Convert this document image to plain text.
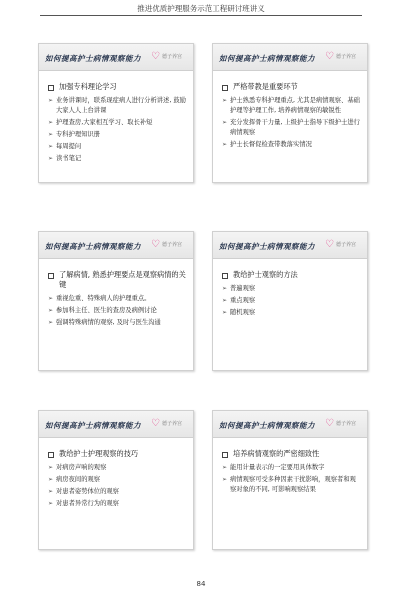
推进优质护理服务示范工程研讨班讲义
如何提高护士病情观察能力 ♡ 德子养宫
加强专科理论学习
➢ 业务讲课时，联系现症病人进行分析讲述, 鼓励大家人人上台讲课
➢ 护理查房,大家相互学习、取长补短
➢ 专科护理知识册
➢ 每周提问
➢ 读书笔记
如何提高护士病情观察能力 ♡ 德子养宫
严格带教是重要环节
➢ 护士熟悉专科护理重点, 尤其是病情观察、基础护理等护理工作, 培养病情观察的敏锐性
➢ 充分发挥骨干力量, 上级护士指导下级护士进行病情观察
➢ 护士长督促检查带教落实情况
如何提高护士病情观察能力 ♡ 德子养宫
了解病情, 熟悉护理要点是观察病情的关键
➢ 重视危重、特殊病人的护理重点。
➢ 参加科主任、医生的查房及病例讨论
➢ 强调特殊病情的观察, 及时与医生沟通
如何提高护士病情观察能力 ♡ 德子养宫
教给护士观察的方法
➢ 普遍观察
➢ 重点观察
➢ 随机观察
如何提高护士病情观察能力 ♡ 德子养宫
教给护士护理观察的技巧
➢ 对病房声响的观察
➢ 病房夜间的观察
➢ 对患者姿势体位的观察
➢ 对患者异常行为的观察
如何提高护士病情观察能力 ♡ 德子养宫
培养病情观察的严密细致性
➢ 能用计量表示的一定要用具体数字
➢ 病情观察可受多种因素干扰影响，观察者和观察对象的不同, 可影响观察结果
84
